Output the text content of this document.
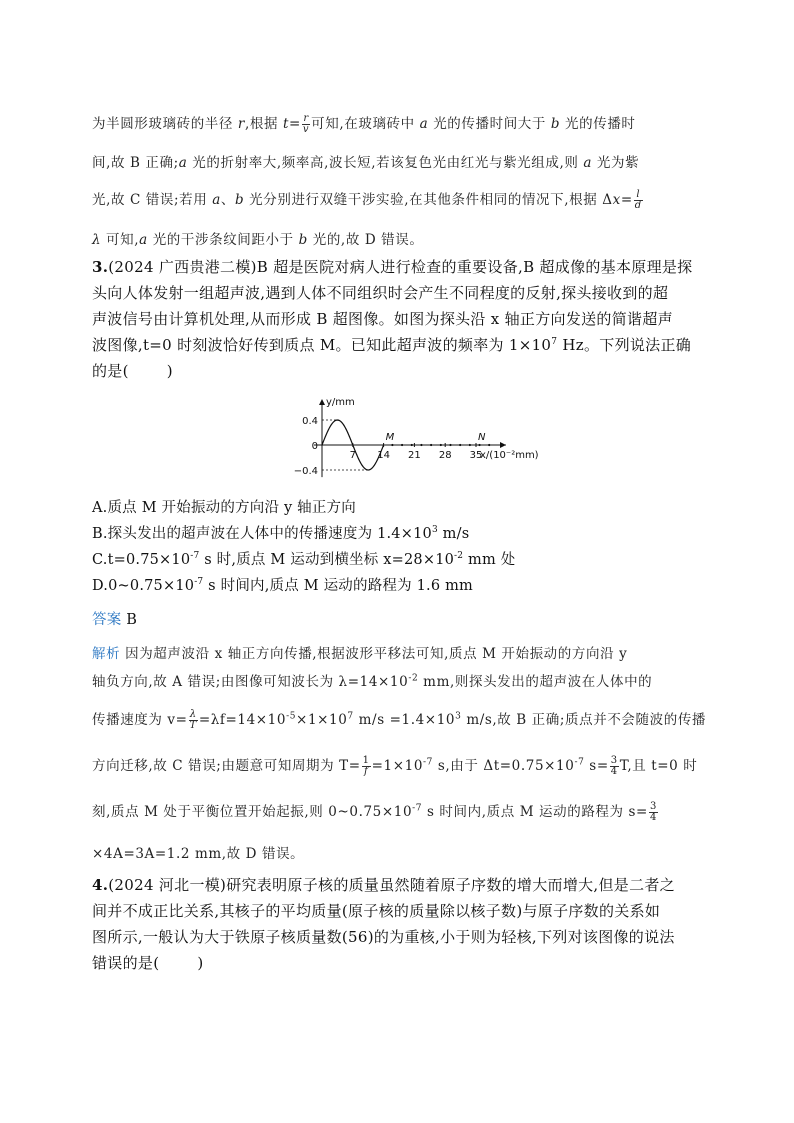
为半圆形玻璃砖的半径 r,根据 $t= \frac{r}{v}$ 可知,在玻璃砖中 a 光的传播时间大于 b 光的传播时
间,故 B 正确;a 光的折射率大,频率高,波长短,若该复色光由红光与紫光组成,则 a 光为紫
光,故 C 错误;若用 a、b 光分别进行双缝干涉实验,在其他条件相同的情况下,根据 $\Delta x= \frac{l}{d}$
λ 可知,a 光的干涉条纹间距小于 b 光的,故 D 错误。
3.(2024 广西贵港二模)B 超是医院对病人进行检查的重要设备,B 超成像的基本原理是探
头向人体发射一组超声波,遇到人体不同组织时会产生不同程度的反射,探头接收到的超
声波信号由计算机处理,从而形成 B 超图像。如图为探头沿 x 轴正方向发送的简谐超声
波图像,t=0 时刻波恰好传到质点 M。已知此超声波的频率为 $1\times 10^7$ Hz。下列说法正确
的是(	)
7 14 21 28 35
0.4
0
−0.4
y/mm
x/(10⁻²mm)
M	N
A.质点 M 开始振动的方向沿 y 轴正方向
B.探头发出的超声波在人体中的传播速度为 $1.4\times 10^3$ m/s
$C.t=0.75\times 10^{-7}$ s 时,质点 M 运动到横坐标 $x=28\times 10^{-2}$ mm 处
$D.0\sim 0.75\times 10^{-7}$ s 时间内,质点 M 运动的路程为 1.6 mm
答案 B
解析 因为超声波沿 x 轴正方向传播,根据波形平移法可知,质点 M 开始振动的方向沿 y
轴负方向,故 A 错误;由图像可知波长为 $\lambda=14\times 10^{-2}$ mm,则探头发出的超声波在人体中的
传播速度为 $v= \frac{\lambda}{T} =\lambda f=14\times 10^{-5}\times 1\times 10^7$ $m/s =1.4\times 10^3$ m/s,故 B 正确;质点并不会随波的传播
方向迁移,故 C 错误;由题意可知周期为 $T= \frac{1}{f} =1\times 10^{-7}$ s,由于 $\Delta t=0.75\times 10^{-7}$ $s= \frac{3}{4} T$,且 t=0 时
刻,质点 M 处于平衡位置开始起振,则 $0\sim 0.75\times 10^{-7}$ s 时间内,质点 M 运动的路程为 $s= \frac{3}{4}$
×4A=3A=1.2 mm,故 D 错误。
4.(2024 河北一模)研究表明原子核的质量虽然随着原子序数的增大而增大,但是二者之
间并不成正比关系,其核子的平均质量(原子核的质量除以核子数)与原子序数的关系如
图所示,一般认为大于铁原子核质量数(56)的为重核,小于则为轻核,下列对该图像的说法
错误的是(	)
